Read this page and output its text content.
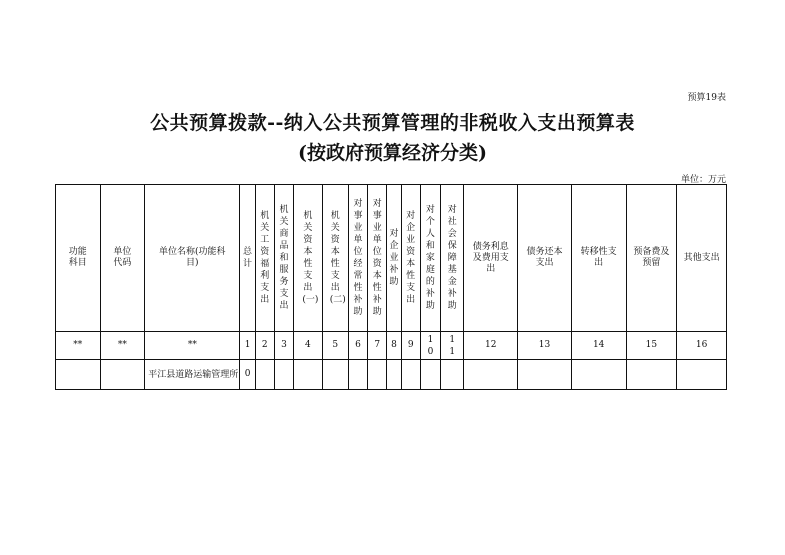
预算19表
公共预算拨款--纳入公共预算管理的非税收入支出预算表
(按政府预算经济分类)
单位：万元
功能科目	单位代码	单位名称(功能科目)	总计	机关工资福利支出	机关商品和服务支出	机关资本性支出(一)	机关资本性支出(二)	对事业单位经常性补助	对事业单位资本性补助	对企业补助	对企业资本性支出	对个人和家庭的补助	对社会保障基金补助	债务利息及费用支出	债务还本支出	转移性支出	预备费及预留	其他支出
**	**	**	1	2	3	4	5	6	7	8	9	10	11	12	13	14	15	16
		平江县道路运输管理所	0															
